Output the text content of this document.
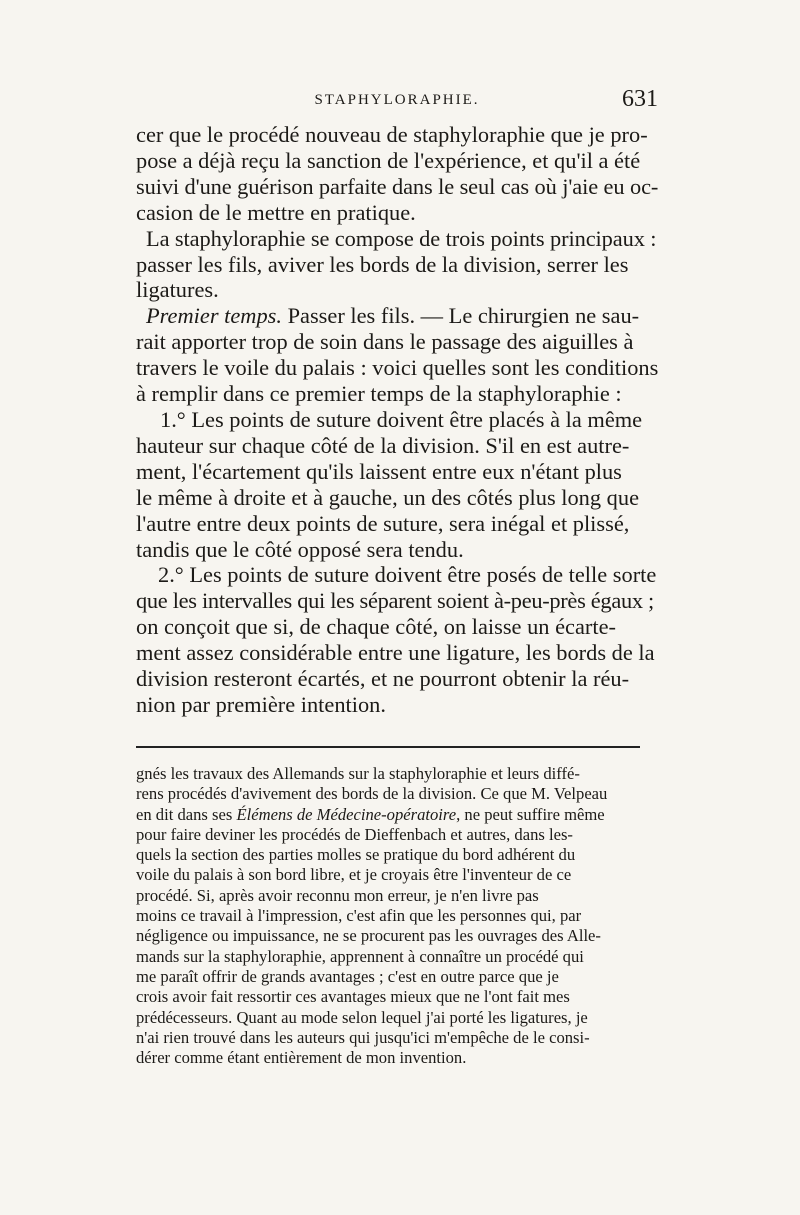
STAPHYLORAPHIE.	631

cer que le procédé nouveau de staphyloraphie que je pro-
pose a déjà reçu la sanction de l'expérience, et qu'il a été
suivi d'une guérison parfaite dans le seul cas où j'aie eu oc-
casion de le mettre en pratique.

La staphyloraphie se compose de trois points principaux :
passer les fils, aviver les bords de la division, serrer les
ligatures.

Premier temps. Passer les fils. — Le chirurgien ne sau-
rait apporter trop de soin dans le passage des aiguilles à
travers le voile du palais : voici quelles sont les conditions
à remplir dans ce premier temps de la staphyloraphie :

1.° Les points de suture doivent être placés à la même
hauteur sur chaque côté de la division. S'il en est autre-
ment, l'écartement qu'ils laissent entre eux n'étant plus
le même à droite et à gauche, un des côtés plus long que
l'autre entre deux points de suture, sera inégal et plissé,
tandis que le côté opposé sera tendu.

2.° Les points de suture doivent être posés de telle sorte
que les intervalles qui les séparent soient à-peu-près égaux ;
on conçoit que si, de chaque côté, on laisse un écarte-
ment assez considérable entre une ligature, les bords de la
division resteront écartés, et ne pourront obtenir la réu-
nion par première intention.

gnés les travaux des Allemands sur la staphyloraphie et leurs diffé-
rens procédés d'avivement des bords de la division. Ce que M. Velpeau
en dit dans ses Élémens de Médecine-opératoire, ne peut suffire même
pour faire deviner les procédés de Dieffenbach et autres, dans les-
quels la section des parties molles se pratique du bord adhérent du
voile du palais à son bord libre, et je croyais être l'inventeur de ce
procédé. Si, après avoir reconnu mon erreur, je n'en livre pas
moins ce travail à l'impression, c'est afin que les personnes qui, par
négligence ou impuissance, ne se procurent pas les ouvrages des Alle-
mands sur la staphyloraphie, apprennent à connaître un procédé qui
me paraît offrir de grands avantages ; c'est en outre parce que je
crois avoir fait ressortir ces avantages mieux que ne l'ont fait mes
prédécesseurs. Quant au mode selon lequel j'ai porté les ligatures, je
n'ai rien trouvé dans les auteurs qui jusqu'ici m'empêche de le consi-
dérer comme étant entièrement de mon invention.
